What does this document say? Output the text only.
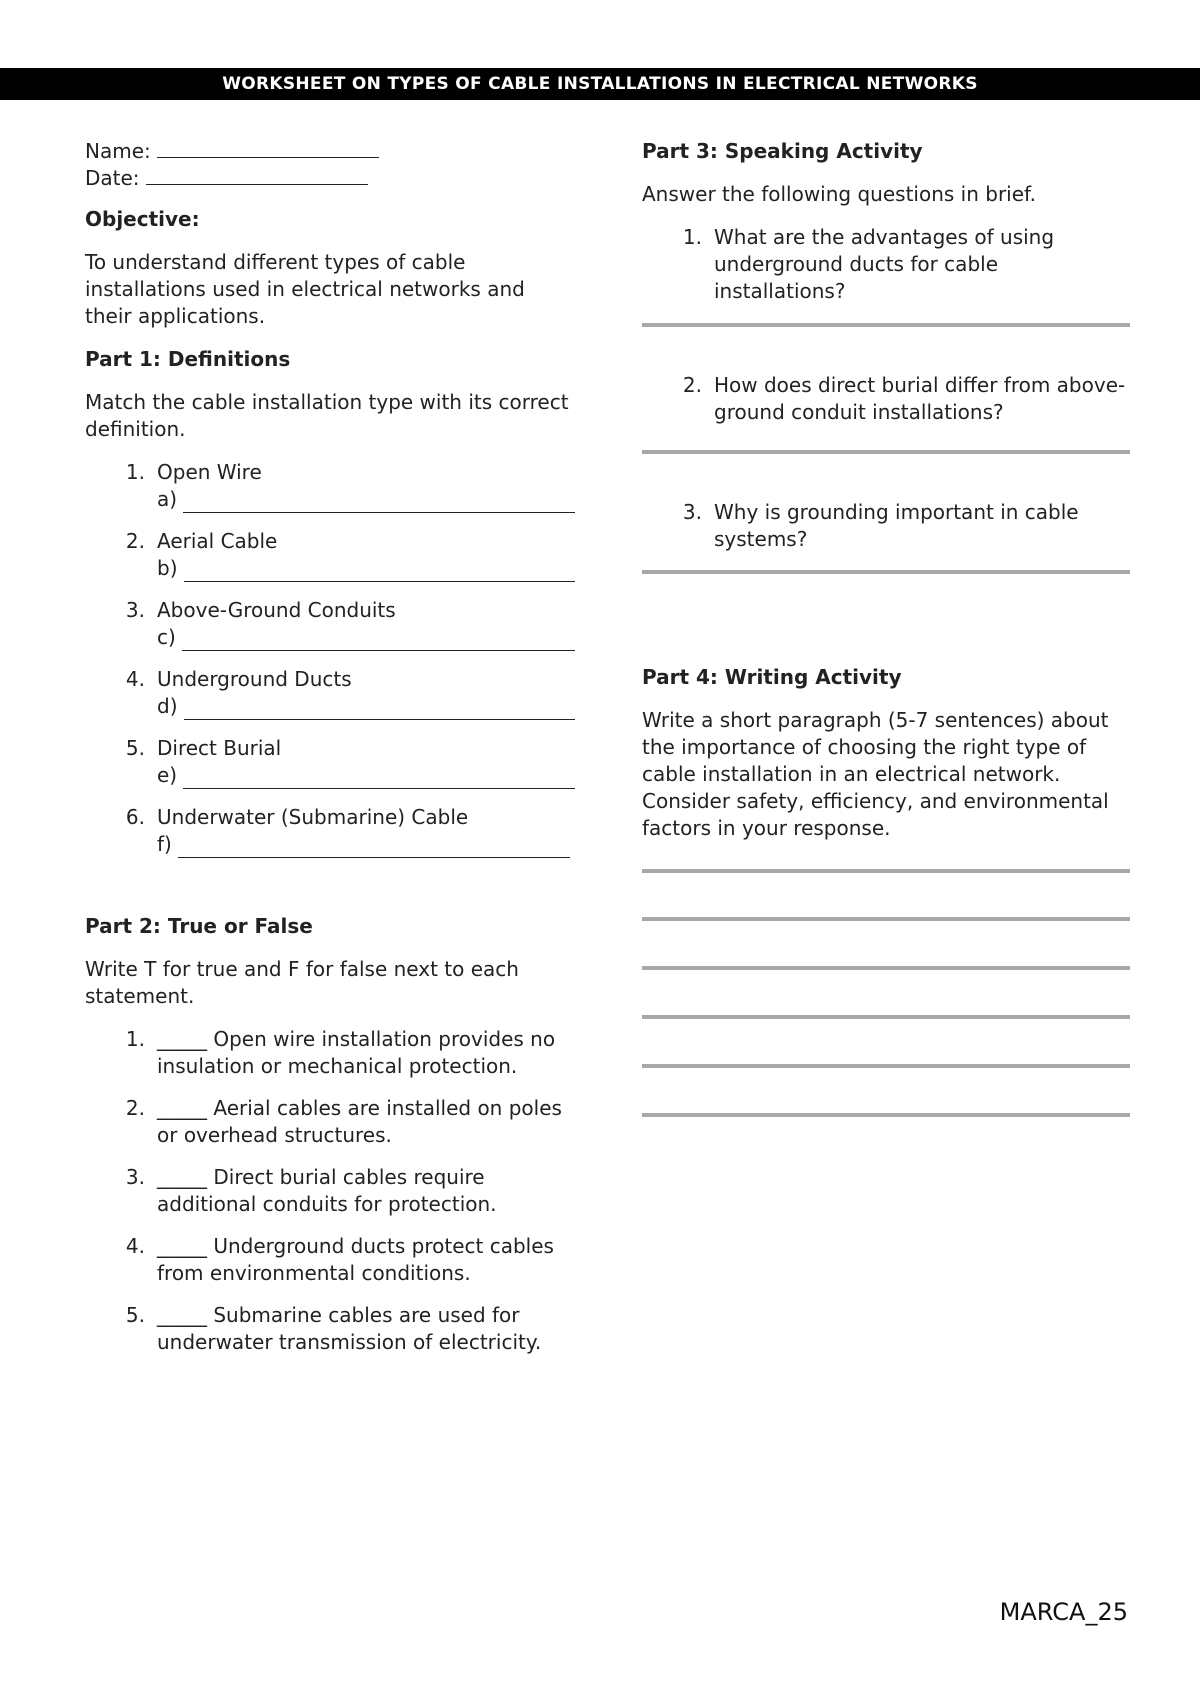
WORKSHEET ON TYPES OF CABLE INSTALLATIONS IN ELECTRICAL NETWORKS

Name:

Date:

Objective:

To understand different types of cable installations used in electrical networks and their applications.

Part 1: Definitions

Match the cable installation type with its correct definition.

1. Open Wire
a)
2. Aerial Cable
b)
3. Above-Ground Conduits
c)
4. Underground Ducts
d)
5. Direct Burial
e)
6. Underwater (Submarine) Cable
f)

Part 2: True or False

Write T for true and F for false next to each statement.

1. _____ Open wire installation provides no insulation or mechanical protection.
2. _____ Aerial cables are installed on poles or overhead structures.
3. _____ Direct burial cables require additional conduits for protection.
4. _____ Underground ducts protect cables from environmental conditions.
5. _____ Submarine cables are used for underwater transmission of electricity.

Part 3: Speaking Activity

Answer the following questions in brief.

1. What are the advantages of using underground ducts for cable installations?
2. How does direct burial differ from above-ground conduit installations?
3. Why is grounding important in cable systems?

Part 4: Writing Activity

Write a short paragraph (5-7 sentences) about the importance of choosing the right type of cable installation in an electrical network. Consider safety, efficiency, and environmental factors in your response.

MARCA_25
